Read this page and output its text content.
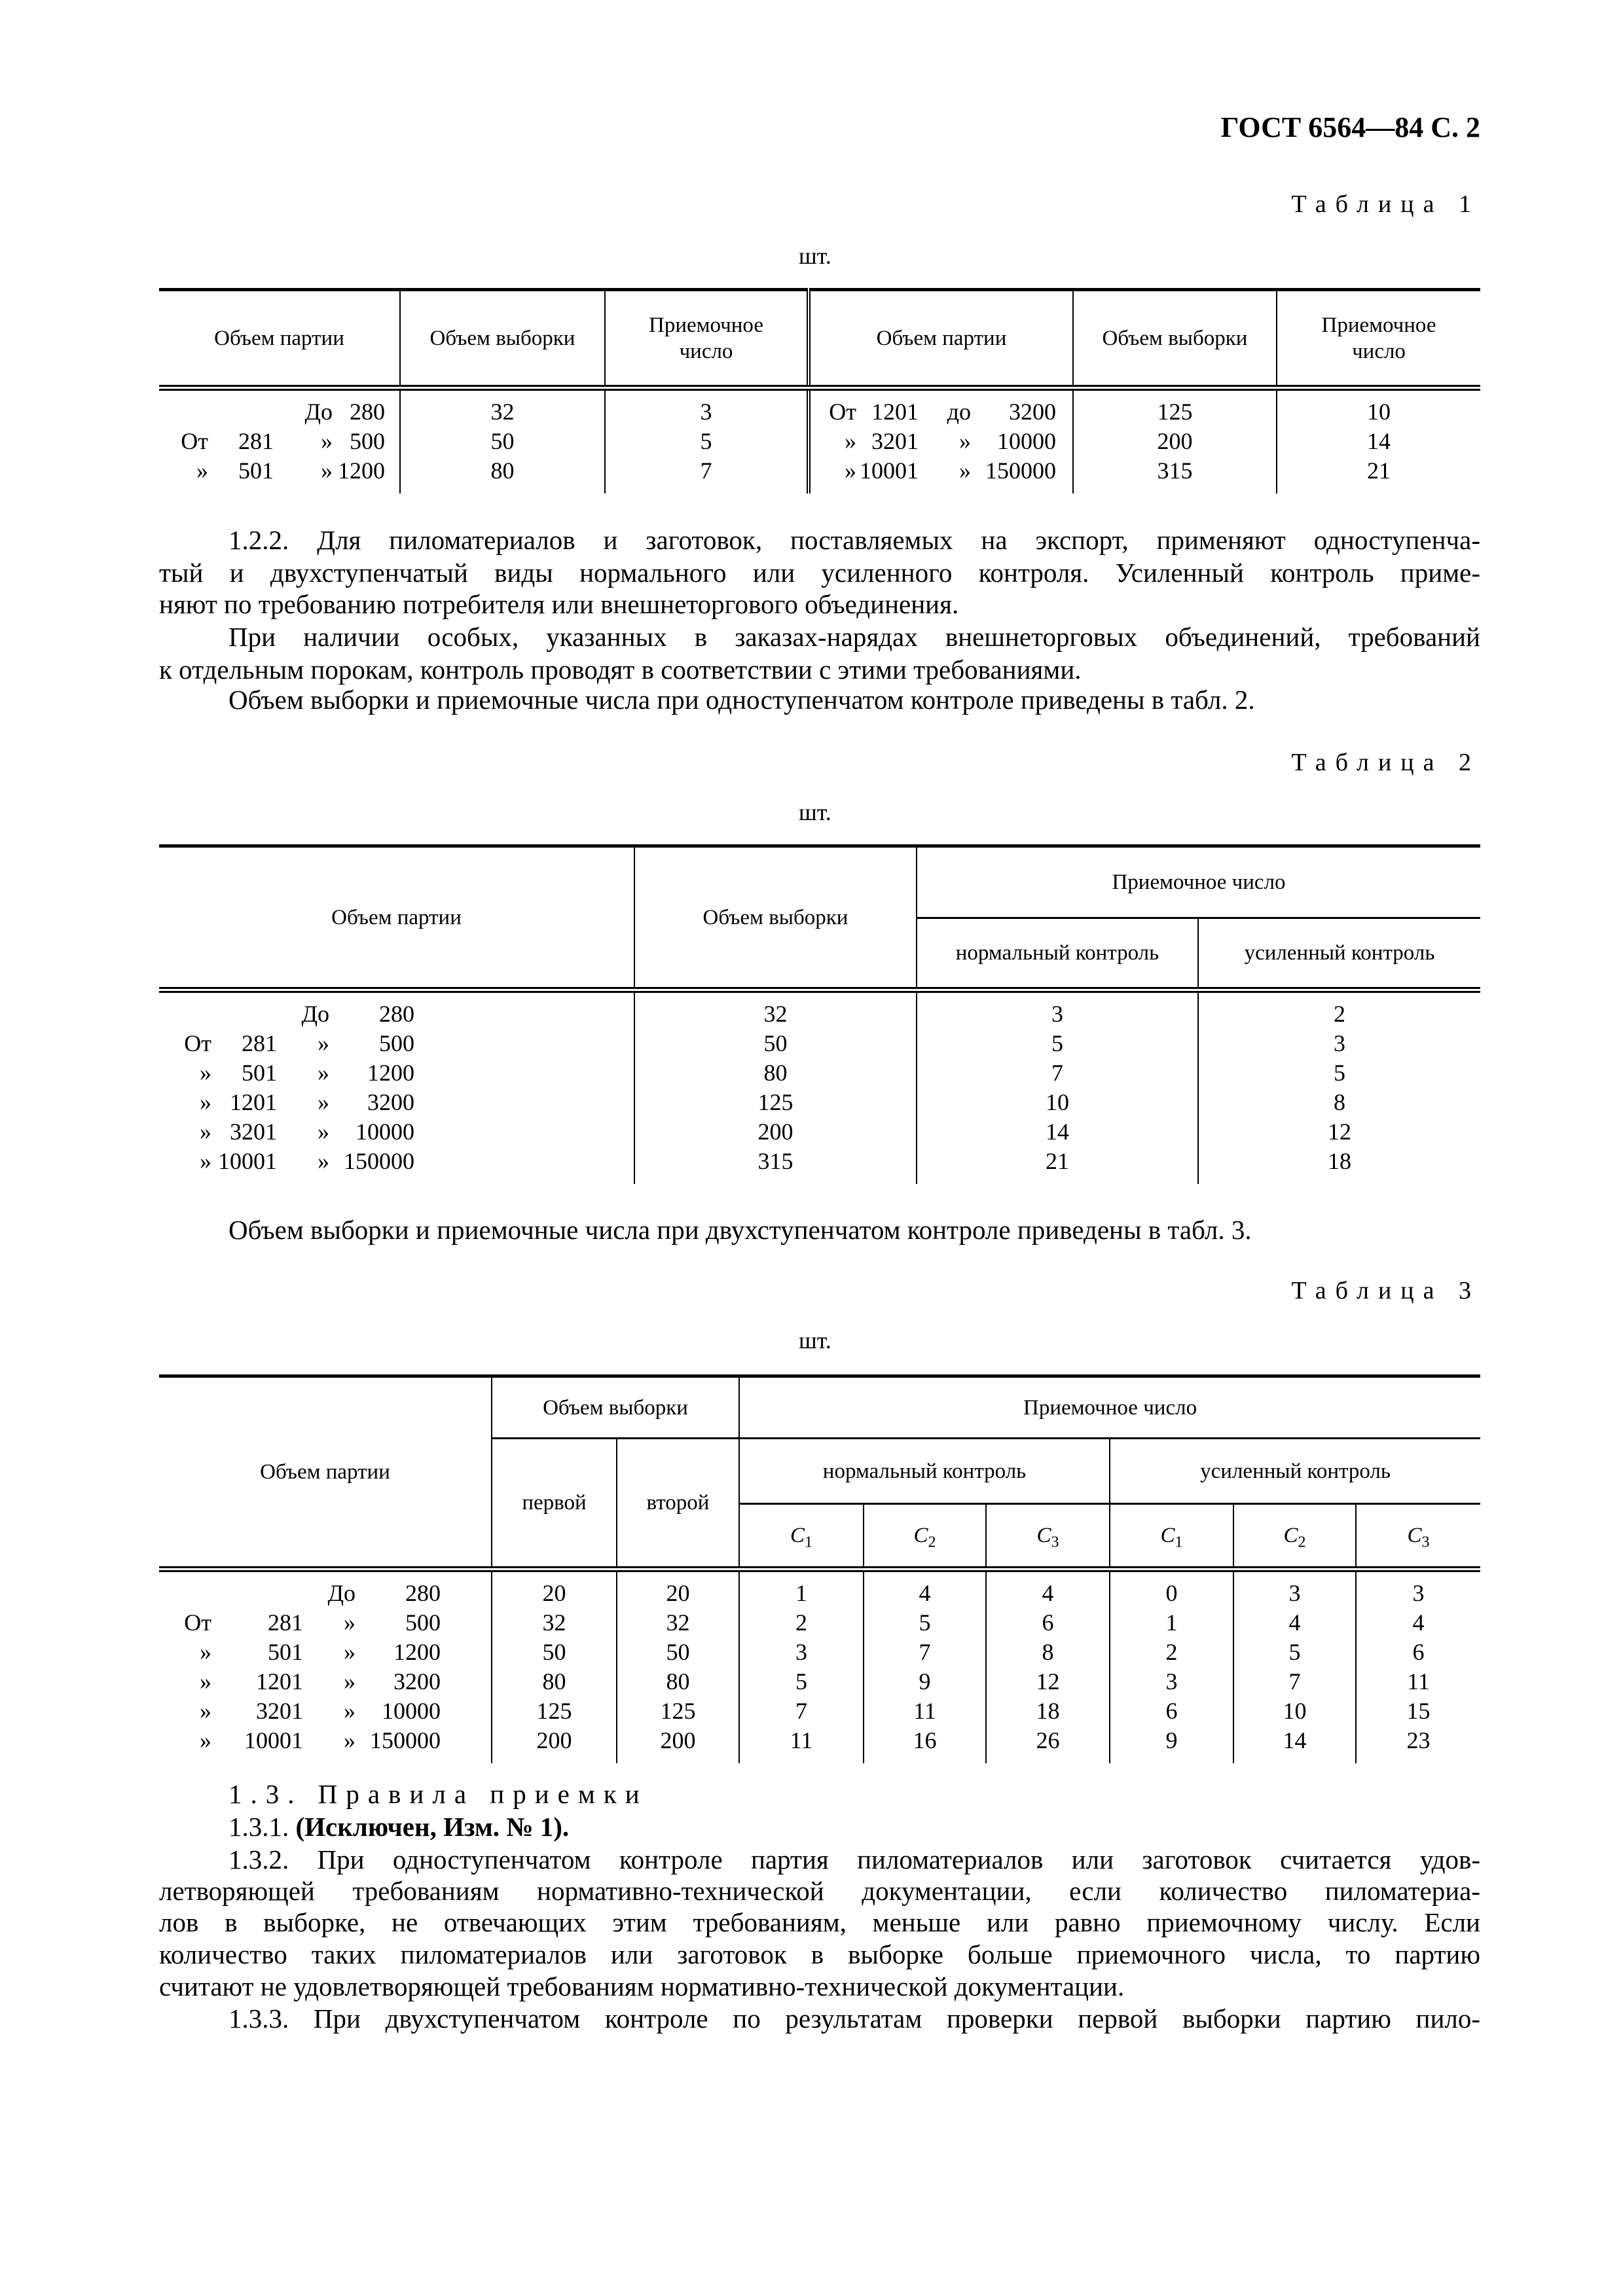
ГОСТ 6564—84 С. 2
Таблица 1
шт.
Объем партии	Объем выборки	Приемочное число	Объем партии	Объем выборки	Приемочное число
До 280	32	3	От 1201 до 3200	125	10
От 281 » 500	50	5	» 3201 » 10000	200	14
» 501 » 1200	80	7	» 10001 » 150000	315	21
1.2.2. Для пиломатериалов и заготовок, поставляемых на экспорт, применяют одноступенча-
тый и двухступенчатый виды нормального или усиленного контроля. Усиленный контроль приме-
няют по требованию потребителя или внешнеторгового объединения.
При наличии особых, указанных в заказах-нарядах внешнеторговых объединений, требований
к отдельным порокам, контроль проводят в соответствии с этими требованиями.
Объем выборки и приемочные числа при одноступенчатом контроле приведены в табл. 2.
Таблица 2
шт.
Объем партии	Объем выборки	Приемочное число	
		нормальный контроль	усиленный контроль
До 280	32	3	2
От 281 » 500	50	5	3
» 501 » 1200	80	7	5
» 1201 » 3200	125	10	8
» 3201 » 10000	200	14	12
» 10001 » 150000	315	21	18
Объем выборки и приемочные числа при двухступенчатом контроле приведены в табл. 3.
Таблица 3
шт.
Объем партии	Объем выборки		Приемочное число					
	первой	второй	нормальный контроль			усиленный контроль		
			$C_1$	$C_2$	$C_3$	$C_1$	$C_2$	$C_3$
До 280	20	20	1	4	4	0	3	3
От 281 » 500	32	32	2	5	6	1	4	4
» 501 » 1200	50	50	3	7	8	2	5	6
» 1201 » 3200	80	80	5	9	12	3	7	11
» 3201 » 10000	125	125	7	11	18	6	10	15
» 10001 » 150000	200	200	11	16	26	9	14	23
1.3. Правила приемки
1.3.1. (Исключен, Изм. № 1).
1.3.2. При одноступенчатом контроле партия пиломатериалов или заготовок считается удов-
летворяющей требованиям нормативно-технической документации, если количество пиломатериа-
лов в выборке, не отвечающих этим требованиям, меньше или равно приемочному числу. Если
количество таких пиломатериалов или заготовок в выборке больше приемочного числа, то партию
считают не удовлетворяющей требованиям нормативно-технической документации.
1.3.3. При двухступенчатом контроле по результатам проверки первой выборки партию пило-
